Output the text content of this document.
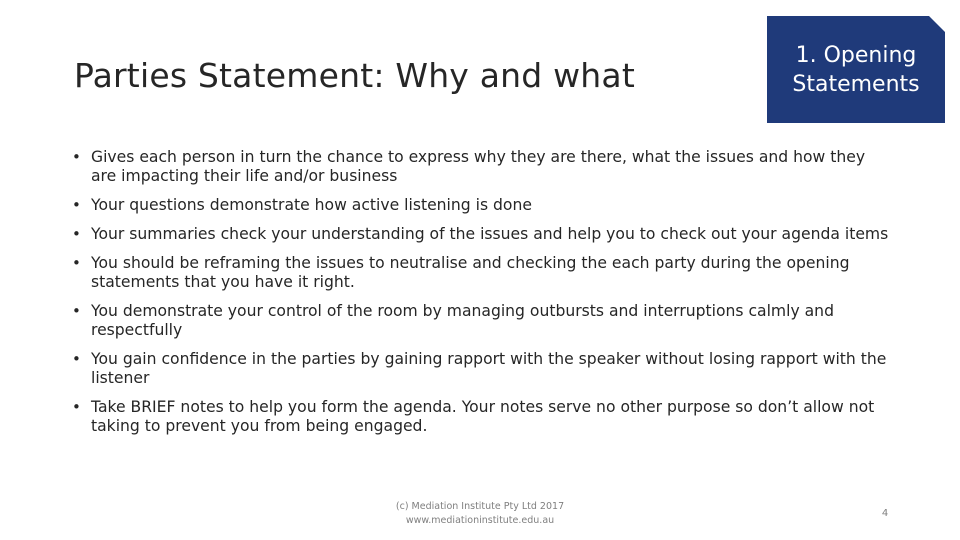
Parties Statement: Why and what
1. Opening Statements
• Gives each person in turn the chance to express why they are there, what the issues and how they are impacting their life and/or business
• Your questions demonstrate how active listening is done
• Your summaries check your understanding of the issues and help you to check out your agenda items
• You should be reframing the issues to neutralise and checking the each party during the opening statements that you have it right.
• You demonstrate your control of the room by managing outbursts and interruptions calmly and respectfully
• You gain confidence in the parties by gaining rapport with the speaker without losing rapport with the listener
• Take BRIEF notes to help you form the agenda. Your notes serve no other purpose so don’t allow not taking to prevent you from being engaged.
(c) Mediation Institute Pty Ltd 2017
www.mediationinstitute.edu.au
4
